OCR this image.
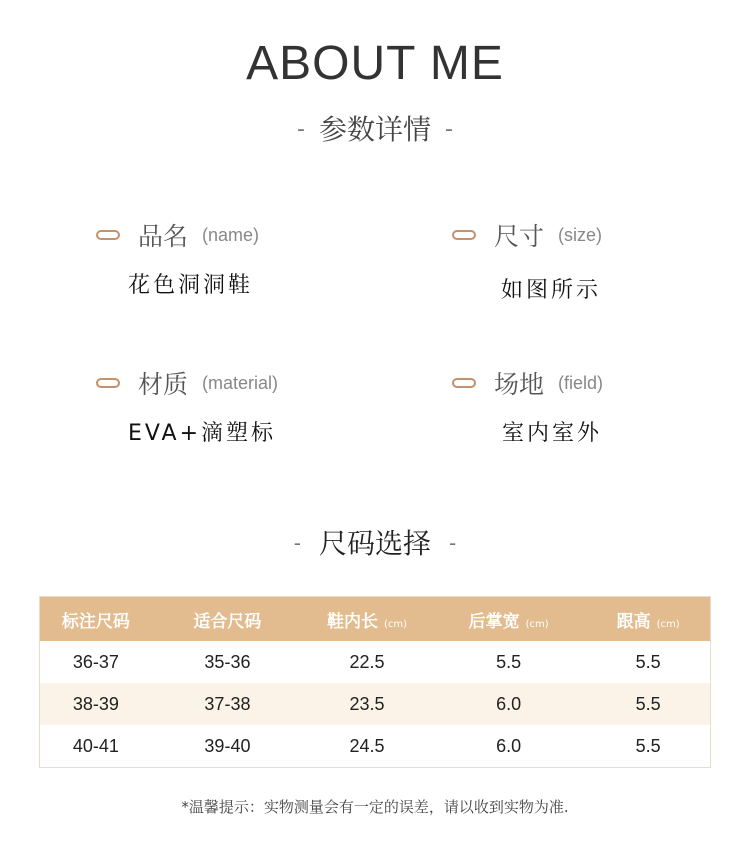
ABOUT ME
- 参数详情 -
品名 (name)
花色洞洞鞋
尺寸 (size)
如图所示
材质 (material)
EVA+滴塑标
场地 (field)
室内室外
- 尺码选择 -
标注尺码	适合尺码	鞋内长 (cm)	后掌宽 (cm)	跟高 (cm)
36-37	35-36	22.5	5.5	5.5
38-39	37-38	23.5	6.0	5.5
40-41	39-40	24.5	6.0	5.5
*温馨提示：实物测量会有一定的误差，请以收到实物为准.
